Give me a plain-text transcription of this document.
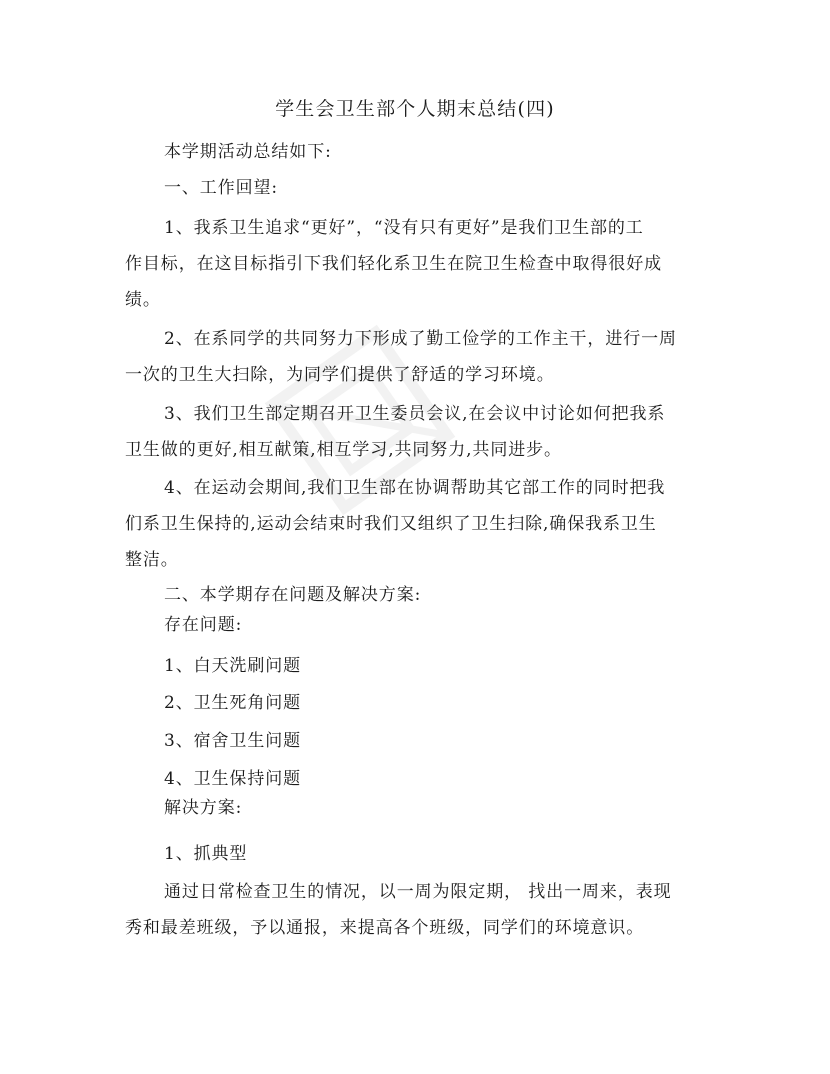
学生会卫生部个人期末总结(四)
本学期活动总结如下:
一、工作回望:
1、我系卫生追求“更好”，“没有只有更好”是我们卫生部的工
作目标，在这目标指引下我们轻化系卫生在院卫生检查中取得很好成
绩。
2、在系同学的共同努力下形成了勤工俭学的工作主干，进行一周
一次的卫生大扫除，为同学们提供了舒适的学习环境。
3、我们卫生部定期召开卫生委员会议,在会议中讨论如何把我系
卫生做的更好,相互献策,相互学习,共同努力,共同进步。
4、在运动会期间,我们卫生部在协调帮助其它部工作的同时把我
们系卫生保持的,运动会结束时我们又组织了卫生扫除,确保我系卫生
整洁。
二、本学期存在问题及解决方案:
存在问题:
1、白天洗刷问题
2、卫生死角问题
3、宿舍卫生问题
4、卫生保持问题
解决方案:
1、抓典型
通过日常检查卫生的情况，以一周为限定期， 找出一周来，表现
秀和最差班级，予以通报，来提高各个班级，同学们的环境意识。
